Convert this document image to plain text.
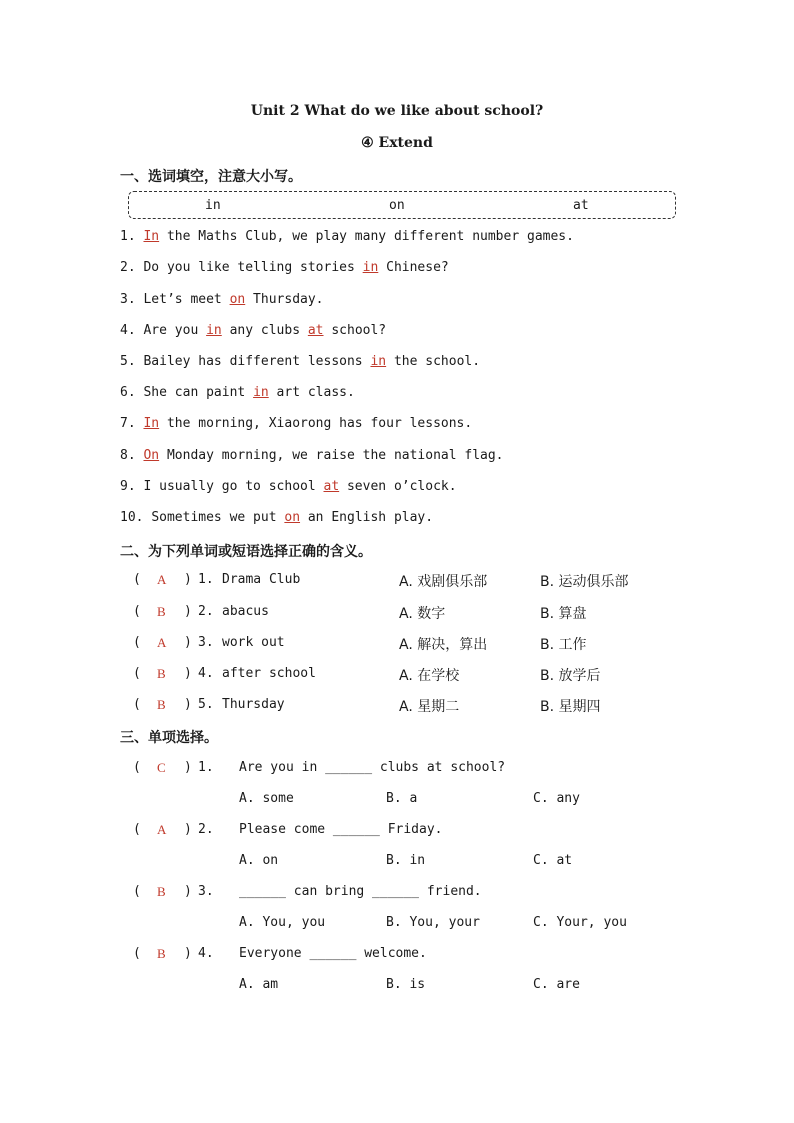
Unit 2 What do we like about school?
④ Extend
一、选词填空，注意大小写。
in	on	at
1. In the Maths Club, we play many different number games.
2. Do you like telling stories in Chinese?
3. Let’s meet on Thursday.
4. Are you in any clubs at school?
5. Bailey has different lessons in the school.
6. She can paint in art class.
7. In the morning, Xiaorong has four lessons.
8. On Monday morning, we raise the national flag.
9. I usually go to school at seven o’clock.
10. Sometimes we put on an English play.
二、为下列单词或短语选择正确的含义。
( A ) 1. Drama Club	A. 戏剧俱乐部	B. 运动俱乐部
( B ) 2. abacus	A. 数字	B. 算盘
( A ) 3. work out	A. 解决，算出	B. 工作
( B ) 4. after school	A. 在学校	B. 放学后
( B ) 5. Thursday	A. 星期二	B. 星期四
三、单项选择。
( C ) 1. Are you in ______ clubs at school?
A. some	B. a	C. any
( A ) 2. Please come ______ Friday.
A. on	B. in	C. at
( B ) 3. ______ can bring ______ friend.
A. You, you	B. You, your	C. Your, you
( B ) 4. Everyone ______ welcome.
A. am	B. is	C. are
